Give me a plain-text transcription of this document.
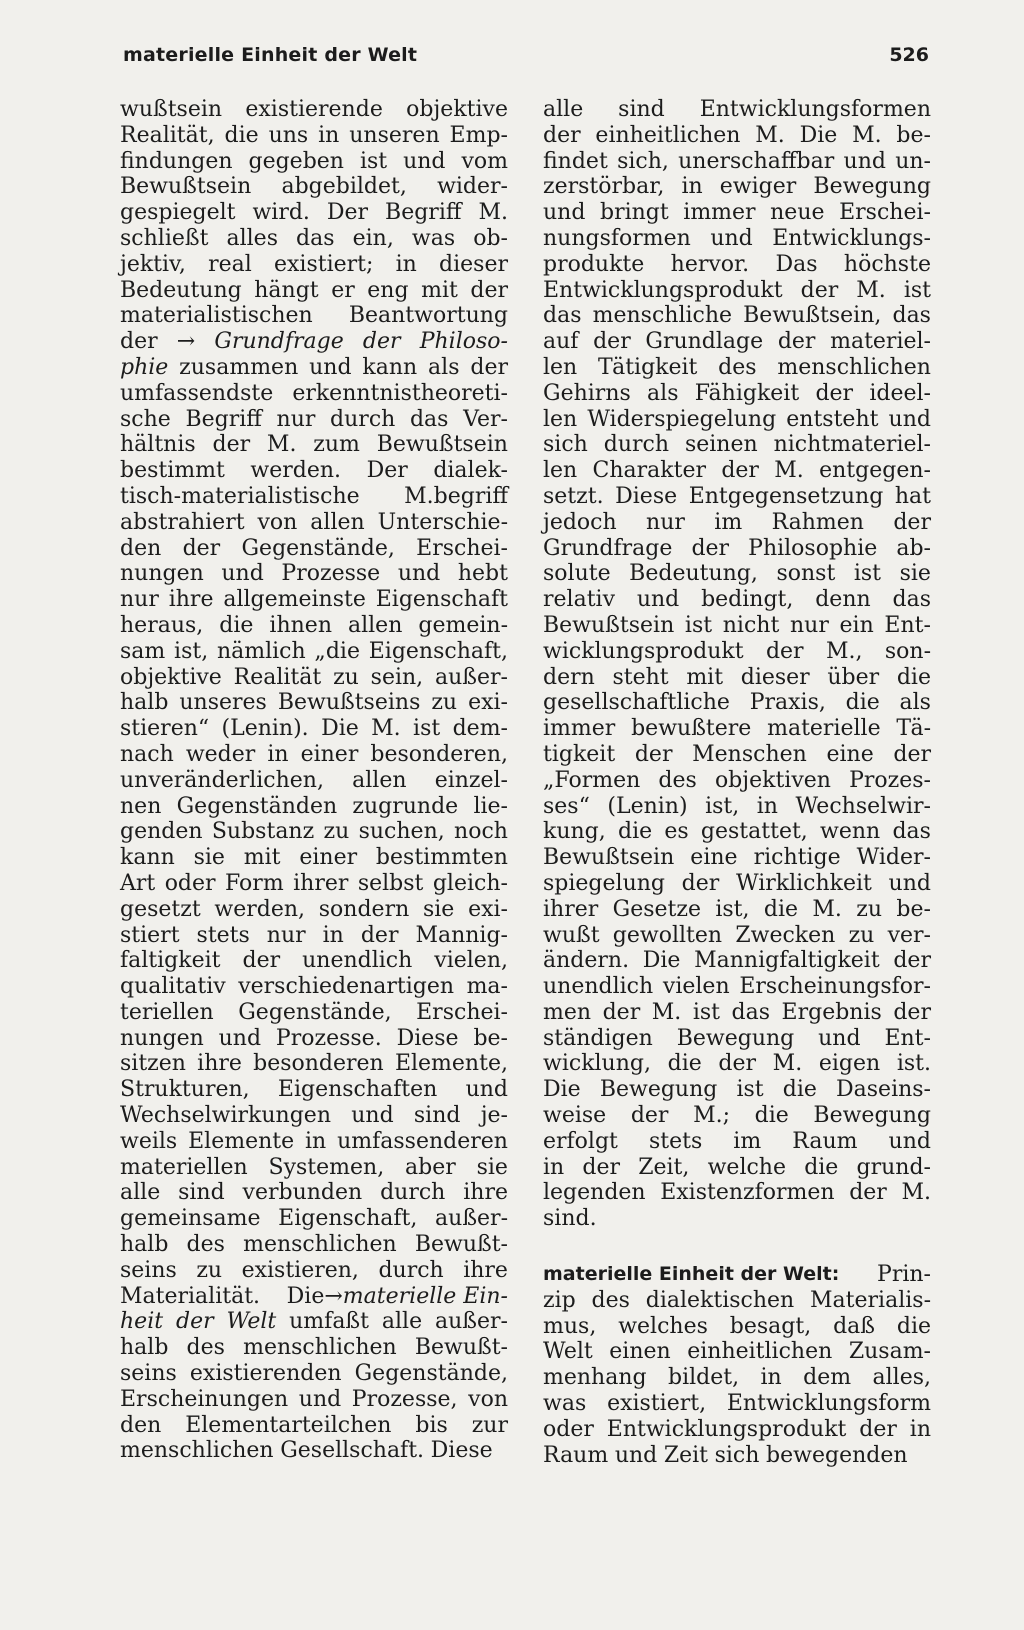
materielle Einheit der Welt	526
wußtsein existierende objektive
Realität, die uns in unseren Emp-
findungen gegeben ist und vom
Bewußtsein abgebildet, wider-
gespiegelt wird. Der Begriff M.
schließt alles das ein, was ob-
jektiv, real existiert; in dieser
Bedeutung hängt er eng mit der
materialistischen Beantwortung
der → Grundfrage der Philoso-
phie zusammen und kann als der
umfassendste erkenntnistheoreti-
sche Begriff nur durch das Ver-
hältnis der M. zum Bewußtsein
bestimmt werden. Der dialek-
tisch-materialistische M.begriff
abstrahiert von allen Unterschie-
den der Gegenstände, Erschei-
nungen und Prozesse und hebt
nur ihre allgemeinste Eigenschaft
heraus, die ihnen allen gemein-
sam ist, nämlich „die Eigenschaft,
objektive Realität zu sein, außer-
halb unseres Bewußtseins zu exi-
stieren“ (Lenin). Die M. ist dem-
nach weder in einer besonderen,
unveränderlichen, allen einzel-
nen Gegenständen zugrunde lie-
genden Substanz zu suchen, noch
kann sie mit einer bestimmten
Art oder Form ihrer selbst gleich-
gesetzt werden, sondern sie exi-
stiert stets nur in der Mannig-
faltigkeit der unendlich vielen,
qualitativ verschiedenartigen ma-
teriellen Gegenstände, Erschei-
nungen und Prozesse. Diese be-
sitzen ihre besonderen Elemente,
Strukturen, Eigenschaften und
Wechselwirkungen und sind je-
weils Elemente in umfassenderen
materiellen Systemen, aber sie
alle sind verbunden durch ihre
gemeinsame Eigenschaft, außer-
halb des menschlichen Bewußt-
seins zu existieren, durch ihre
Materialität. Die→materielle Ein-
heit der Welt umfaßt alle außer-
halb des menschlichen Bewußt-
seins existierenden Gegenstände,
Erscheinungen und Prozesse, von
den Elementarteilchen bis zur
menschlichen Gesellschaft. Diese
alle sind Entwicklungsformen
der einheitlichen M. Die M. be-
findet sich, unerschaffbar und un-
zerstörbar, in ewiger Bewegung
und bringt immer neue Erschei-
nungsformen und Entwicklungs-
produkte hervor. Das höchste
Entwicklungsprodukt der M. ist
das menschliche Bewußtsein, das
auf der Grundlage der materiel-
len Tätigkeit des menschlichen
Gehirns als Fähigkeit der ideel-
len Widerspiegelung entsteht und
sich durch seinen nichtmateriel-
len Charakter der M. entgegen-
setzt. Diese Entgegensetzung hat
jedoch nur im Rahmen der
Grundfrage der Philosophie ab-
solute Bedeutung, sonst ist sie
relativ und bedingt, denn das
Bewußtsein ist nicht nur ein Ent-
wicklungsprodukt der M., son-
dern steht mit dieser über die
gesellschaftliche Praxis, die als
immer bewußtere materielle Tä-
tigkeit der Menschen eine der
„Formen des objektiven Prozes-
ses“ (Lenin) ist, in Wechselwir-
kung, die es gestattet, wenn das
Bewußtsein eine richtige Wider-
spiegelung der Wirklichkeit und
ihrer Gesetze ist, die M. zu be-
wußt gewollten Zwecken zu ver-
ändern. Die Mannigfaltigkeit der
unendlich vielen Erscheinungsfor-
men der M. ist das Ergebnis der
ständigen Bewegung und Ent-
wicklung, die der M. eigen ist.
Die Bewegung ist die Daseins-
weise der M.; die Bewegung
erfolgt stets im Raum und
in der Zeit, welche die grund-
legenden Existenzformen der M.
sind.
materielle Einheit der Welt: Prin-
zip des dialektischen Materialis-
mus, welches besagt, daß die
Welt einen einheitlichen Zusam-
menhang bildet, in dem alles,
was existiert, Entwicklungsform
oder Entwicklungsprodukt der in
Raum und Zeit sich bewegenden
